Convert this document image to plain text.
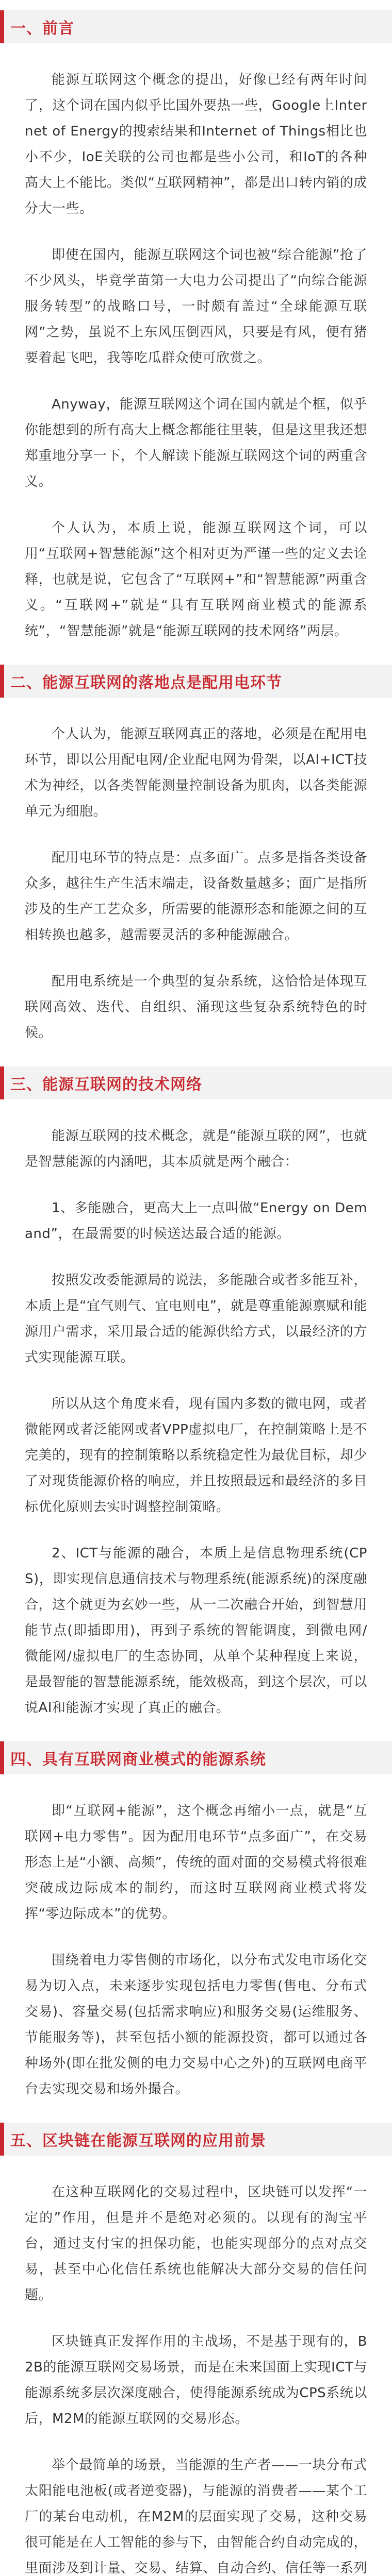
一、前言

能源互联网这个概念的提出，好像已经有两年时间了，这个词在国内似乎比国外要热一些，Google上Internet of Energy的搜索结果和Internet of Things相比也小不少，IoE关联的公司也都是些小公司，和IoT的各种高大上不能比。类似“互联网精神”，都是出口转内销的成分大一些。

即使在国内，能源互联网这个词也被“综合能源”抢了不少风头，毕竟学苗第一大电力公司提出了“向综合能源服务转型”的战略口号，一时颇有盖过“全球能源互联网”之势，虽说不上东风压倒西风，只要是有风，便有猪要着起飞吧，我等吃瓜群众使可欣赏之。

Anyway，能源互联网这个词在国内就是个框，似乎你能想到的所有高大上概念都能往里装，但是这里我还想郑重地分享一下，个人解读下能源互联网这个词的两重含义。

个人认为，本质上说，能源互联网这个词，可以用“互联网+智慧能源”这个相对更为严谨一些的定义去诠释，也就是说，它包含了“互联网+”和“智慧能源”两重含义。“互联网+”就是“具有互联网商业模式的能源系统”，“智慧能源”就是“能源互联网的技术网络”两层。

二、能源互联网的落地点是配用电环节

个人认为，能源互联网真正的落地，必须是在配用电环节，即以公用配电网/企业配电网为骨架，以AI+ICT技术为神经，以各类智能测量控制设备为肌肉，以各类能源单元为细胞。

配用电环节的特点是：点多面广。点多是指各类设备众多，越往生产生活末端走，设备数量越多；面广是指所涉及的生产工艺众多，所需要的能源形态和能源之间的互相转换也越多，越需要灵活的多种能源融合。

配用电系统是一个典型的复杂系统，这恰恰是体现互联网高效、迭代、自组织、涌现这些复杂系统特色的时候。

三、能源互联网的技术网络

能源互联网的技术概念，就是“能源互联的网”，也就是智慧能源的内涵吧，其本质就是两个融合：

1、多能融合，更高大上一点叫做“Energy on Demand”，在最需要的时候送达最合适的能源。

按照发改委能源局的说法，多能融合或者多能互补，本质上是“宜气则气、宜电则电”，就是尊重能源禀赋和能源用户需求，采用最合适的能源供给方式，以最经济的方式实现能源互联。

所以从这个角度来看，现有国内多数的微电网，或者微能网或者泛能网或者VPP虚拟电厂，在控制策略上是不完美的，现有的控制策略以系统稳定性为最优目标，却少了对现货能源价格的响应，并且按照最远和最经济的多目标优化原则去实时调整控制策略。

2、ICT与能源的融合，本质上是信息物理系统(CPS)，即实现信息通信技术与物理系统(能源系统)的深度融合，这个就更为玄妙一些，从一二次融合开始，到智慧用能节点(即插即用)，再到子系统的智能调度，到微电网/微能网/虚拟电厂的生态协同，从单个某种程度上来说，是最智能的智慧能源系统，能效极高，到这个层次，可以说AI和能源才实现了真正的融合。

四、具有互联网商业模式的能源系统

即“互联网+能源”，这个概念再缩小一点，就是“互联网+电力零售”。因为配用电环节“点多面广”，在交易形态上是“小额、高频”，传统的面对面的交易模式将很难突破成边际成本的制约，而这时互联网商业模式将发挥“零边际成本”的优势。

围绕着电力零售侧的市场化，以分布式发电市场化交易为切入点，未来逐步实现包括电力零售(售电、分布式交易)、容量交易(包括需求响应)和服务交易(运维服务、节能服务等)，甚至包括小额的能源投资，都可以通过各种场外(即在批发侧的电力交易中心之外)的互联网电商平台去实现交易和场外撮合。

五、区块链在能源互联网的应用前景

在这种互联网化的交易过程中，区块链可以发挥“一定的”作用，但是并不是绝对必须的。以现有的淘宝平台，通过支付宝的担保功能，也能实现部分的点对点交易，甚至中心化信任系统也能解决大部分交易的信任问题。

区块链真正发挥作用的主战场，不是基于现有的，B2B的能源互联网交易场景，而是在未来国面上实现ICT与能源系统多层次深度融合，使得能源系统成为CPS系统以后，M2M的能源互联网的交易形态。

举个最简单的场景，当能源的生产者——一块分布式太阳能电池板(或者逆变器)，与能源的消费者——某个工厂的某台电动机，在M2M的层面实现了交易，这种交易很可能是在人工智能的参与下，由智能合约自动完成的，里面涉及到计量、交易、结算、自动合约、信任等一系列
